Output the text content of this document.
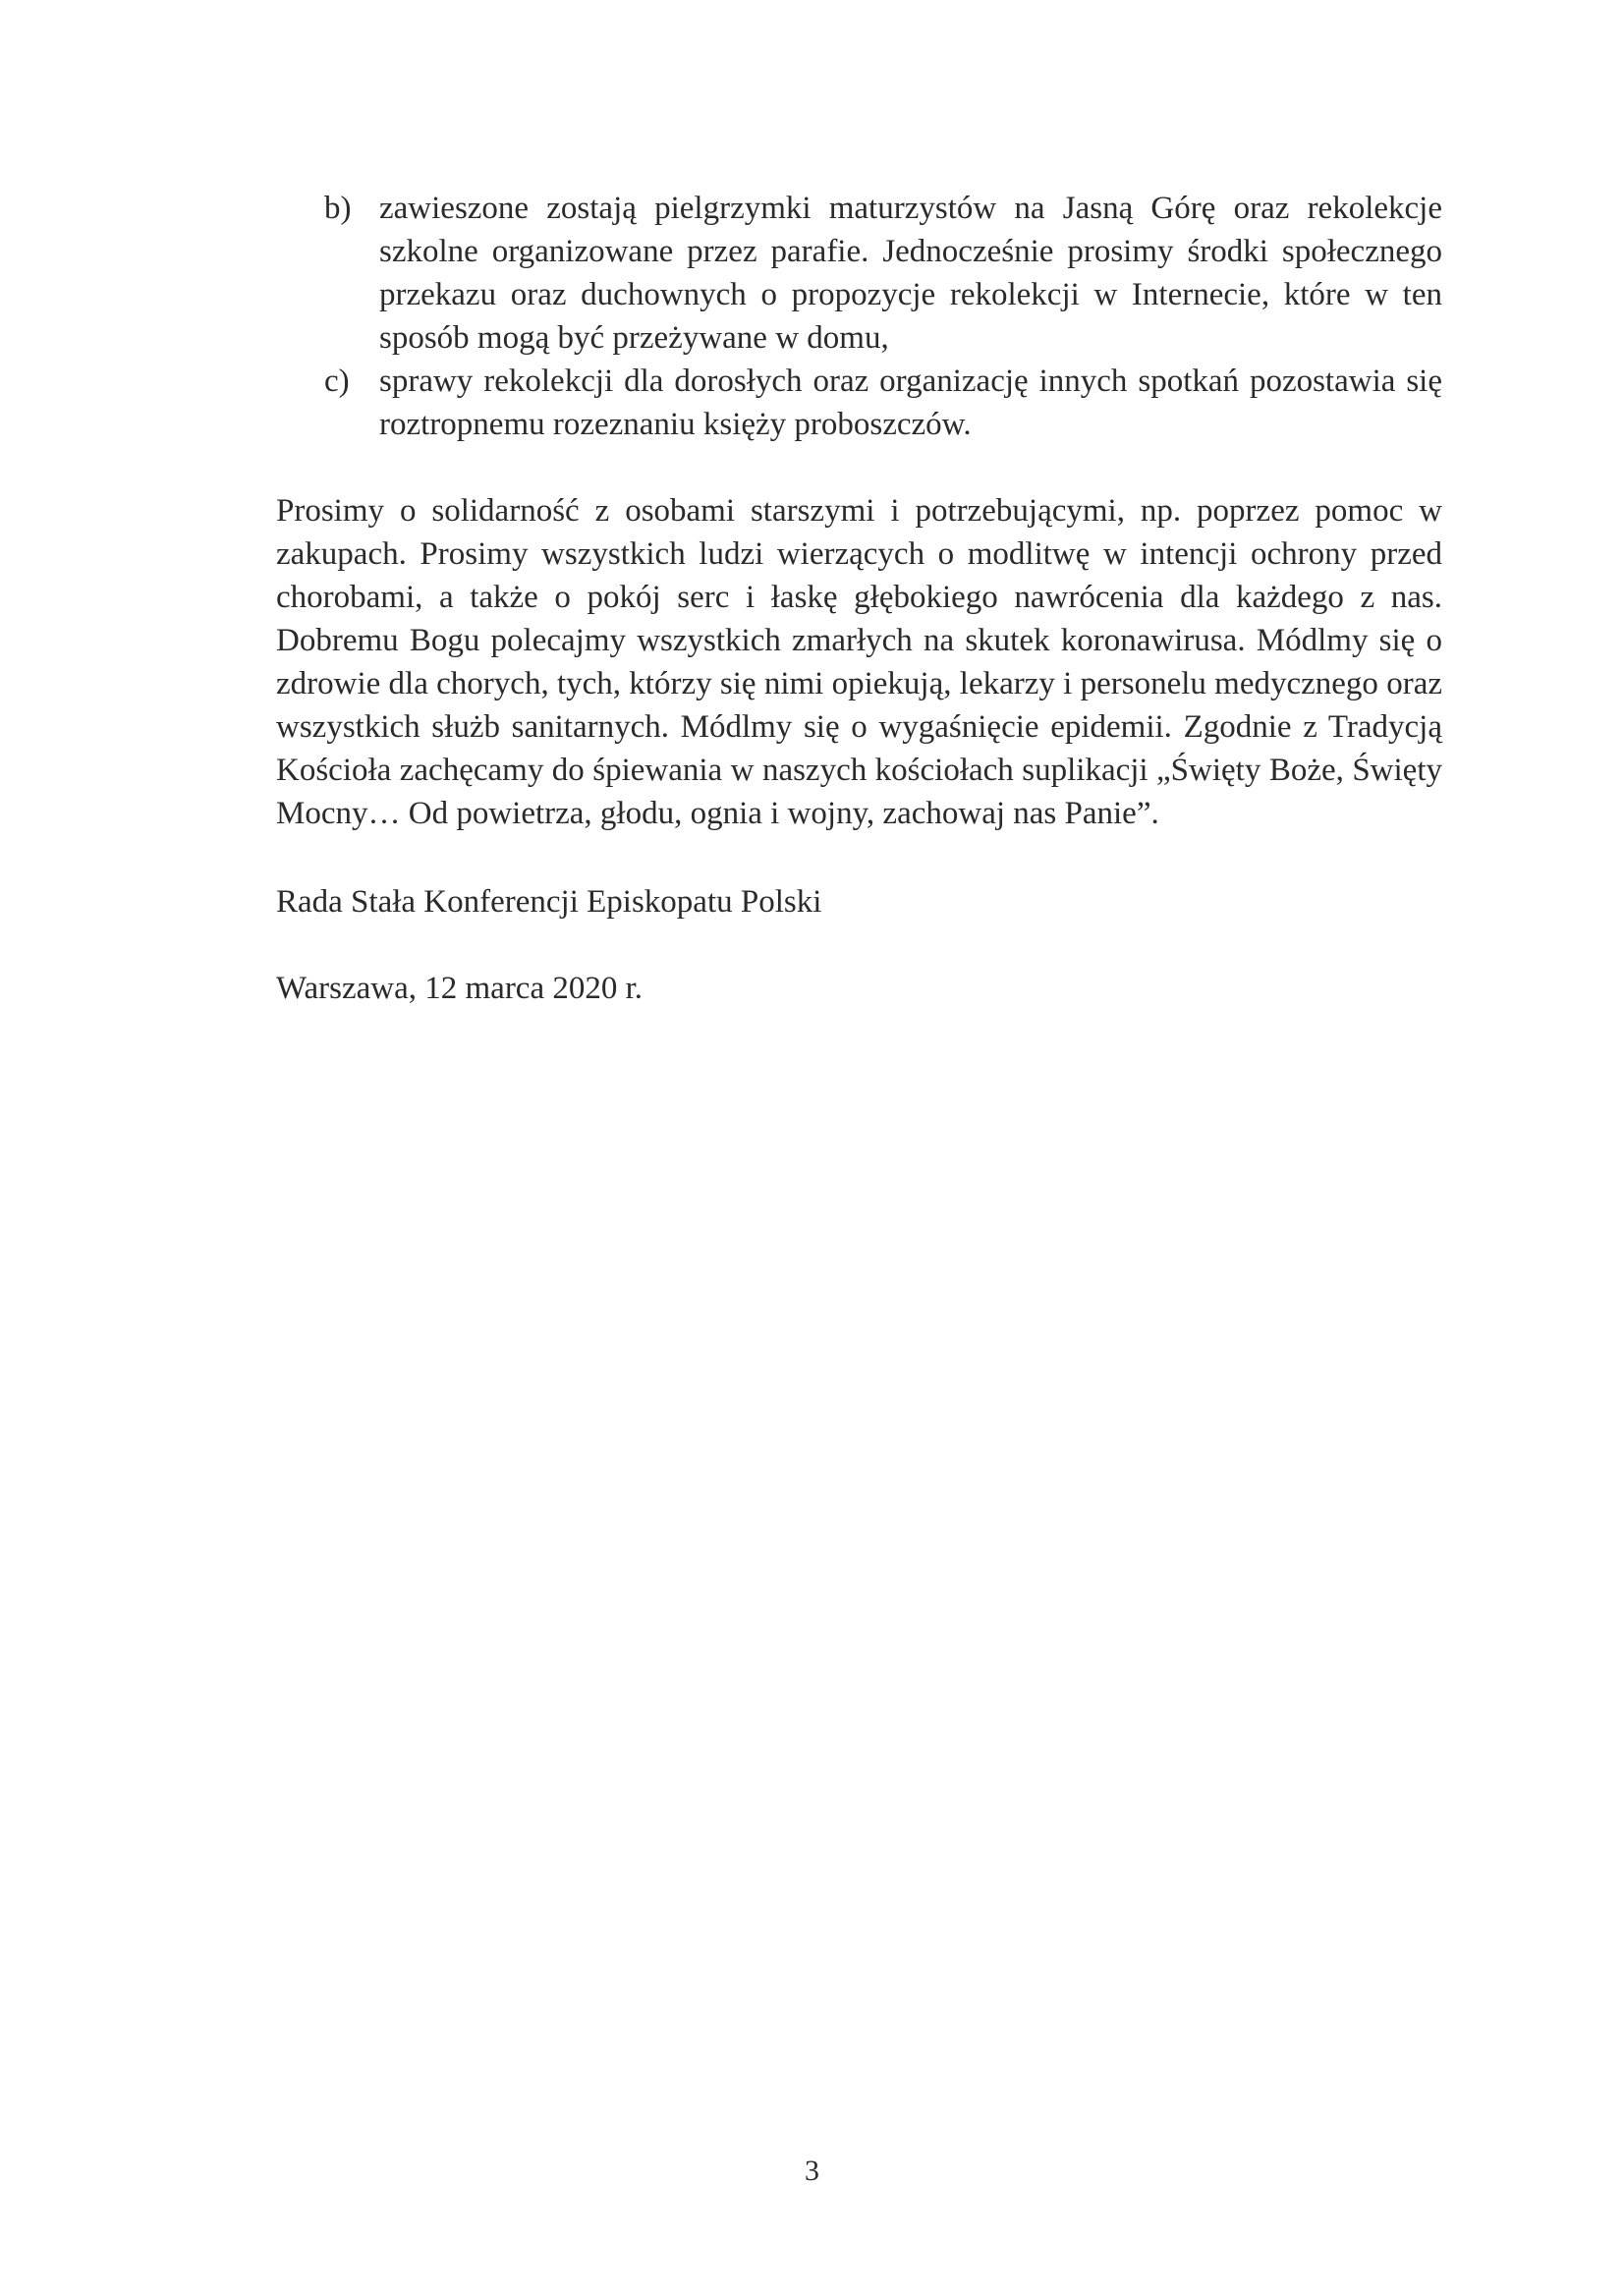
b) zawieszone zostają pielgrzymki maturzystów na Jasną Górę oraz rekolekcje szkolne organizowane przez parafie. Jednocześnie prosimy środki społecznego przekazu oraz duchownych o propozycje rekolekcji w Internecie, które w ten sposób mogą być przeżywane w domu,
c) sprawy rekolekcji dla dorosłych oraz organizację innych spotkań pozostawia się roztropnemu rozeznaniu księży proboszczów.

Prosimy o solidarność z osobami starszymi i potrzebującymi, np. poprzez pomoc w zakupach. Prosimy wszystkich ludzi wierzących o modlitwę w intencji ochrony przed chorobami, a także o pokój serc i łaskę głębokiego nawrócenia dla każdego z nas. Dobremu Bogu polecajmy wszystkich zmarłych na skutek koronawirusa. Módlmy się o zdrowie dla chorych, tych, którzy się nimi opiekują, lekarzy i personelu medycznego oraz wszystkich służb sanitarnych. Módlmy się o wygaśnięcie epidemii. Zgodnie z Tradycją Kościoła zachęcamy do śpiewania w naszych kościołach suplikacji „Święty Boże, Święty Mocny… Od powietrza, głodu, ognia i wojny, zachowaj nas Panie”.

Rada Stała Konferencji Episkopatu Polski

Warszawa, 12 marca 2020 r.

3
